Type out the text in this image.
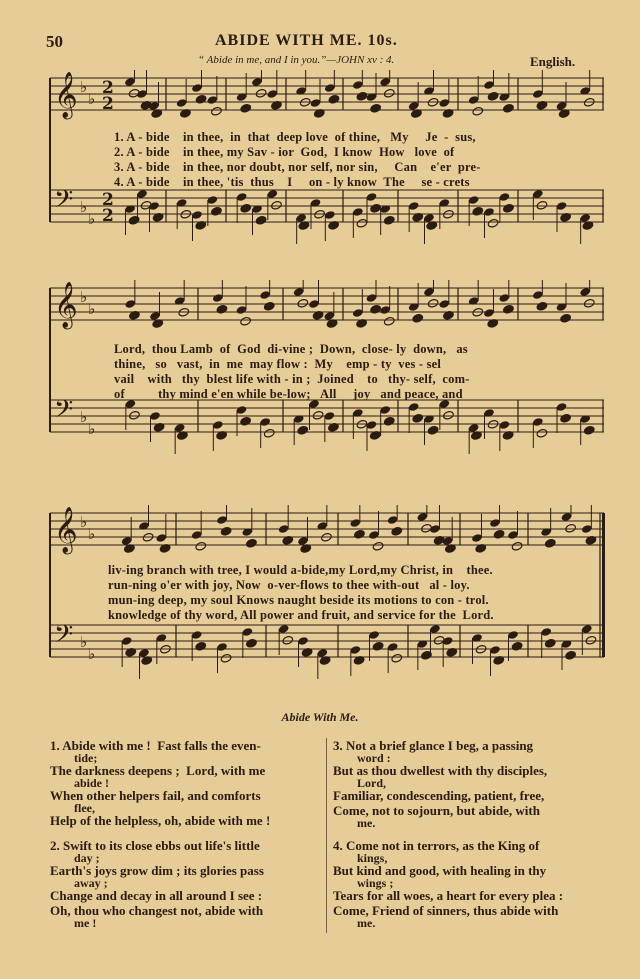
50	ABIDE WITH ME. 10s.
“ Abide in me, and I in you.”—JOHN xv : 4.	English.
𝄞 ♭
♭
2
2
𝄢 ♭
♭
2
2
1. A - bide    in thee,  in  that  deep love  of thine,   My     Je  -  sus,
2. A - bide    in thee, my Sav - ior  God,  I know  How   love  of
3. A - bide    in thee, nor doubt, nor self, nor sin,     Can    e'er  pre-
4. A - bide    in thee, 'tis  thus    I     on - ly know  The     se - crets
𝄞 ♭
♭
𝄢 ♭
♭
Lord,  thou Lamb  of  God  di-vine ;  Down,  close- ly  down,   as
thine,   so   vast,  in  me  may flow :  My    emp - ty  ves - sel
vail    with   thy  blest life with - in ;  Joined    to   thy- self,  com-
of          thy mind e'en while be-low;   All     joy   and peace, and
𝄞 ♭
♭
𝄢 ♭
♭
liv-ing branch with tree, I would a-bide,my Lord,my Christ, in    thee.
run-ning o'er with joy, Now  o-ver-flows to thee with-out   al - loy.
mun-ing deep, my soul Knows naught beside its motions to con - trol.
knowledge of thy word, All power and fruit, and service for the  Lord.
Abide With Me.
1. Abide with me !  Fast falls the even-
tide;
The darkness deepens ;  Lord, with me
abide !
When other helpers fail, and comforts
flee,
Help of the helpless, oh, abide with me !
2. Swift to its close ebbs out life's little
day ;
Earth's joys grow dim ; its glories pass
away ;
Change and decay in all around I see :
Oh, thou who changest not, abide with
me !
3. Not a brief glance I beg, a passing
word :
But as thou dwellest with thy disciples,
Lord,
Familiar, condescending, patient, free,
Come, not to sojourn, but abide, with
me.
4. Come not in terrors, as the King of
kings,
But kind and good, with healing in thy
wings ;
Tears for all woes, a heart for every plea :
Come, Friend of sinners, thus abide with
me.
